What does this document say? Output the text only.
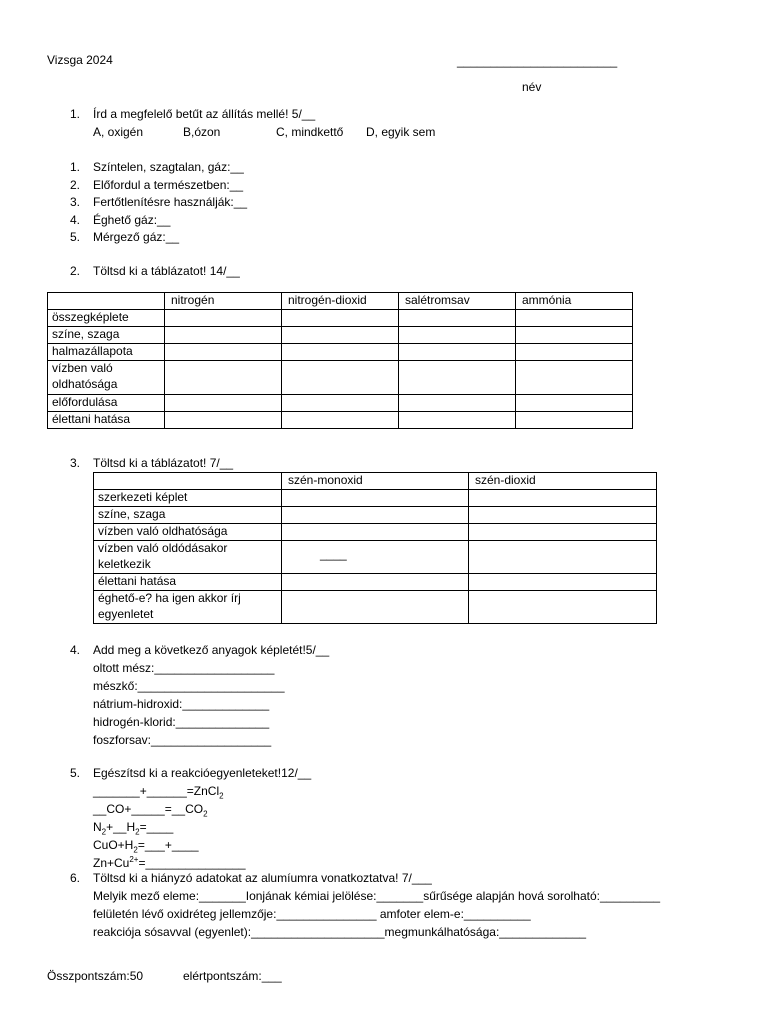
Vizsga 2024	________________________
név
1.	Írd a megfelelő betűt az állítás mellé! 5/__
A, oxigén	B,ózon	C, mindkettő D, egyik sem
1.	Színtelen, szagtalan, gáz:__
2.	Előfordul a természetben:__
3.	Fertőtlenítésre használják:__
4.	Éghető gáz:__
5.	Mérgező gáz:__
2.	Töltsd ki a táblázatot! 14/__
	nitrogén	nitrogén-dioxid	salétromsav	ammónia
összegképlete				
színe, szaga				
halmazállapota				
vízben való oldhatósága				
előfordulása				
élettani hatása				
3.	Töltsd ki a táblázatot! 7/__
	szén-monoxid	szén-dioxid
szerkezeti képlet		
színe, szaga		
vízben való oldhatósága		
vízben való oldódásakor keletkezik	____	
élettani hatása		
éghető-e? ha igen akkor írj egyenletet		
4.	Add meg a következő anyagok képletét!5/__
oltott mész:__________________
mészkő:______________________
nátrium-hidroxid:_____________
hidrogén-klorid:______________
foszforsav:__________________
5.	Egészítsd ki a reakcióegyenleteket!12/__
_______+______=ZnCl$_2$
$\_\_CO+\_\_\_\_\_=\_\_CO_2$
$N_2+\_\_H_2=\_\_\_\_$
$CuO+H_2=\_\_\_+\_\_\_\_$
$Zn+Cu^{2+}=\_\_\_\_\_\_\_\_\_\_\_\_\_\_\_$
6.	Töltsd ki a hiányzó adatokat az alumíumra vonatkoztatva! 7/___
Melyik mező eleme:_______Ionjának kémiai jelölése:_______sűrűsége alapján hová sorolható:_________
felületén lévő oxidréteg jellemzője:_______________ amfoter elem-e:__________
reakciója sósavval (egyenlet):____________________megmunkálhatósága:_____________
Összpontszám:50	elértpontszám:___
